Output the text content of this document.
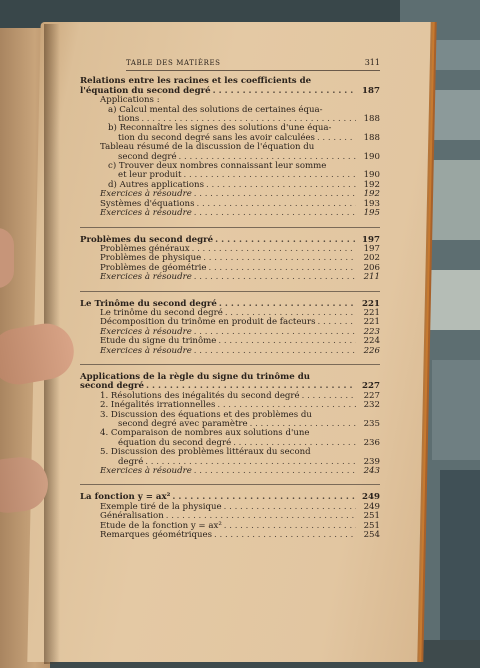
TABLE DES MATIÈRES	311
Relations entre les racines et les coefficients de
l'équation du second degré . . .	187
Applications :
a) Calcul mental des solutions de certaines équa-
tions . . .	188
b) Reconnaître les signes des solutions d'une équa-
tion du second degré sans les avoir calculées . . .	188
Tableau résumé de la discussion de l'équation du
second degré . . .	190
c) Trouver deux nombres connaissant leur somme
et leur produit . . .	190
d) Autres applications . . .	192
Exercices à résoudre . . .	192
Systèmes d'équations . . .	193
Exercices à résoudre . . .	195
Problèmes du second degré . . .	197
Problèmes généraux . . .	197
Problèmes de physique . . .	202
Problèmes de géométrie . . .	206
Exercices à résoudre . . .	211
Le Trinôme du second degré . . .	221
Le trinôme du second degré . . .	221
Décomposition du trinôme en produit de facteurs . . .	221
Exercices à résoudre . . .	223
Etude du signe du trinôme . . .	224
Exercices à résoudre . . .	226
Applications de la règle du signe du trinôme du
second degré . . .	227
1. Résolutions des inégalités du second degré . . .	227
2. Inégalités irrationnelles . . .	232
3. Discussion des équations et des problèmes du
second degré avec paramètre . . .	235
4. Comparaison de nombres aux solutions d'une
équation du second degré . . .	236
5. Discussion des problèmes littéraux du second
degré . . .	239
Exercices à résoudre . . .	243
La fonction y = ax² . . .	249
Exemple tiré de la physique . . .	249
Généralisation . . .	251
Etude de la fonction y = ax² . . .	251
Remarques géométriques . . .	254
